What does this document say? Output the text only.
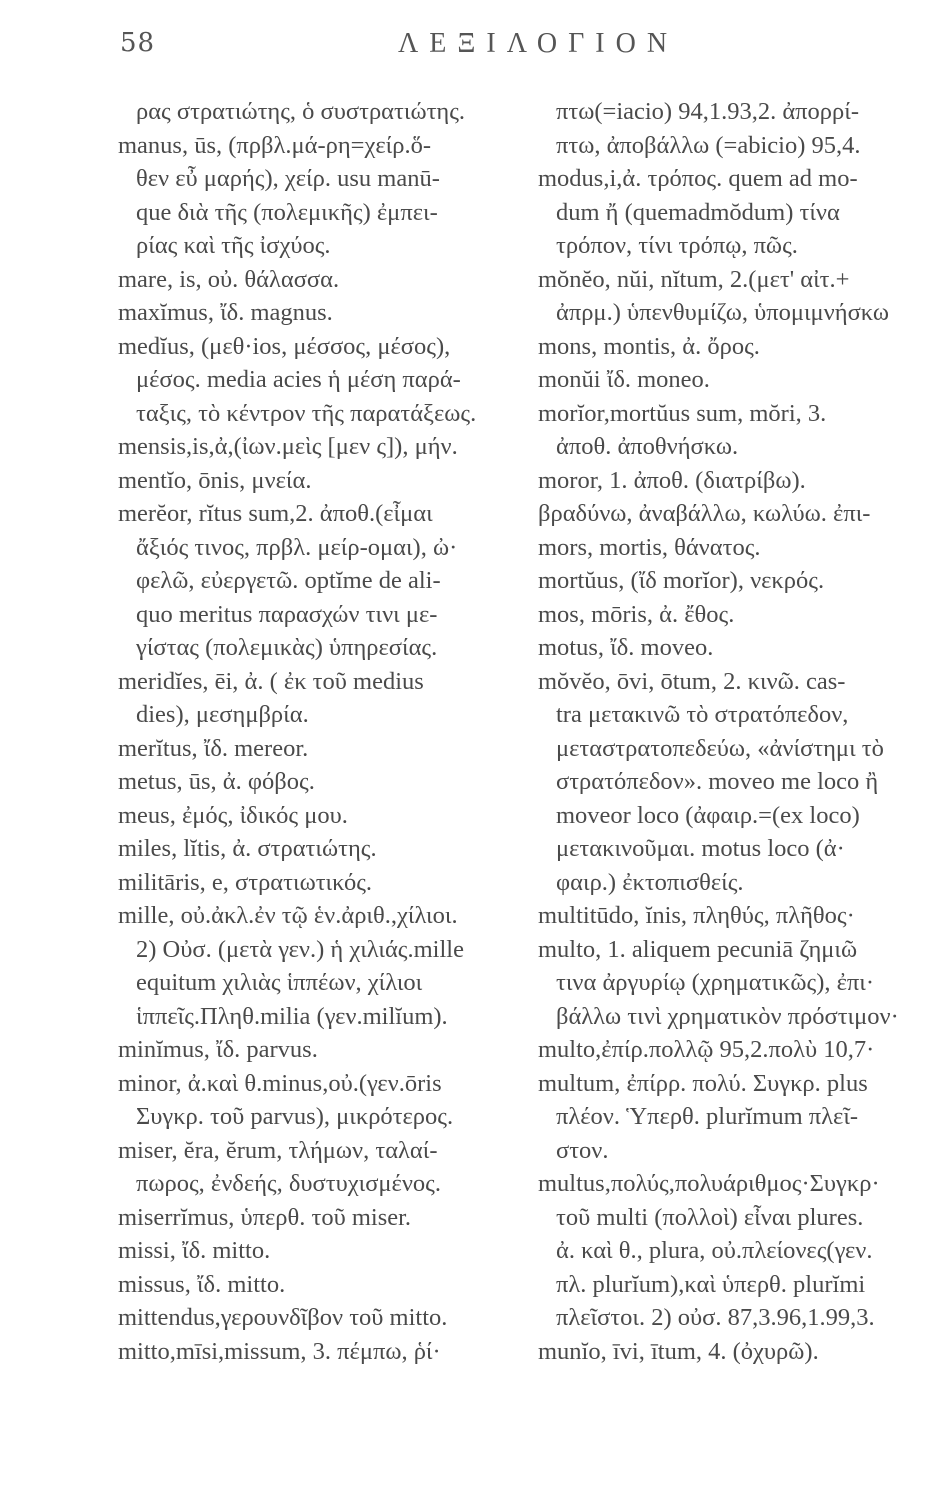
58	ΛΕΞΙΛΟΓΙΟΝ
ρας στρατιώτης, ὁ συστρατιώτης.
manus, ūs, (πρβλ.μά-ρη=χείρ.ὅ-
θεν εὖ μαρής), χείρ. usu manū-
que διὰ τῆς (πολεμικῆς) ἐμπει-
ρίας καὶ τῆς ἰσχύος.
mare, is, οὐ. θάλασσα.
maxĭmus, ἴδ. magnus.
medĭus, (μεθ·ios, μέσσος, μέσος),
μέσος. media acies ἡ μέση παρά-
ταξις, τὸ κέντρον τῆς παρατάξεως.
mensis,is,ἀ,(ἰων.μεὶς [μεν ς]), μήν.
mentĭo, ōnis, μνεία.
merĕor, rĭtus sum,2. ἀποθ.(εἶμαι
ἄξιός τινος, πρβλ. μείρ-ομαι), ὠ·
φελῶ, εὐεργετῶ. optĭme de ali-
quo meritus παρασχών τινι με-
γίστας (πολεμικὰς) ὑπηρεσίας.
meridĭes, ēi, ἀ. ( ἐκ τοῦ medius
dies), μεσημβρία.
merĭtus, ἴδ. mereor.
metus, ūs, ἀ. φόβος.
meus, ἐμός, ἰδικός μου.
miles, lĭtis, ἀ. στρατιώτης.
militāris, e, στρατιωτικός.
mille, οὐ.ἀκλ.ἐν τῷ ἑν.ἀριθ.,χίλιοι.
2) Οὐσ. (μετὰ γεν.) ἡ χιλιάς.mille
equitum χιλιὰς ἱππέων, χίλιοι
ἱππεῖς.Πληθ.milia (γεν.milĭum).
minĭmus, ἴδ. parvus.
minor, ἀ.καὶ θ.minus,οὐ.(γεν.ōris
Συγκρ. τοῦ parvus), μικρότερος.
miser, ĕra, ĕrum, τλήμων, ταλαί-
πωρος, ἐνδεής, δυστυχισμένος.
miserrĭmus, ὑπερθ. τοῦ miser.
missi, ἴδ. mitto.
missus, ἴδ. mitto.
mittendus,γερουνδῖβον τοῦ mitto.
mitto,mīsi,missum, 3. πέμπω, ῥί·
πτω(=iacio) 94,1.93,2. ἀπορρί-
πτω, ἀποβάλλω (=abicio) 95,4.
modus,i,ἀ. τρόπος. quem ad mo-
dum ἤ (quemadmŏdum) τίνα
τρόπον, τίνι τρόπῳ, πῶς.
mŏnĕo, nŭi, nĭtum, 2.(μετ' αἰτ.+
ἀπρμ.) ὑπενθυμίζω, ὑπομιμνήσκω
mons, montis, ἀ. ὄρος.
monŭi ἴδ. moneo.
morĭor,mortŭus sum, mŏri, 3.
ἀποθ. ἀποθνήσκω.
moror, 1. ἀποθ. (διατρίβω).
βραδύνω, ἀναβάλλω, κωλύω. ἐπι-
mors, mortis, θάνατος.
mortŭus, (ἴδ morĭor), νεκρός.
mos, mōris, ἀ. ἔθος.
motus, ἴδ. moveo.
mŏvĕo, ōvi, ōtum, 2. κινῶ. cas-
tra μετακινῶ τὸ στρατόπεδον,
μεταστρατοπεδεύω, «ἀνίστημι τὸ
στρατόπεδον». moveo me loco ἢ
moveor loco (ἀφαιρ.=(ex loco)
μετακινοῦμαι. motus loco (ἀ·
φαιρ.) ἐκτοπισθείς.
multitūdo, ĭnis, πληθύς, πλῆθος·
multo, 1. aliquem pecuniā ζημιῶ
τινα ἀργυρίῳ (χρηματικῶς), ἐπι·
βάλλω τινὶ χρηματικὸν πρόστιμον·
multo,ἐπίρ.πολλῷ 95,2.πολὺ 10,7·
multum, ἐπίρρ. πολύ. Συγκρ. plus
πλέον. Ὑπερθ. plurĭmum πλεῖ-
στον.
multus,πολύς,πολυάριθμος·Συγκρ·
τοῦ multi (πολλοὶ) εἶναι plures.
ἀ. καὶ θ., plura, οὐ.πλείονες(γεν.
πλ. plurĭum),καὶ ὑπερθ. plurĭmi
πλεῖστοι. 2) οὐσ. 87,3.96,1.99,3.
munĭo, īvi, ītum, 4. (ὀχυρῶ).
